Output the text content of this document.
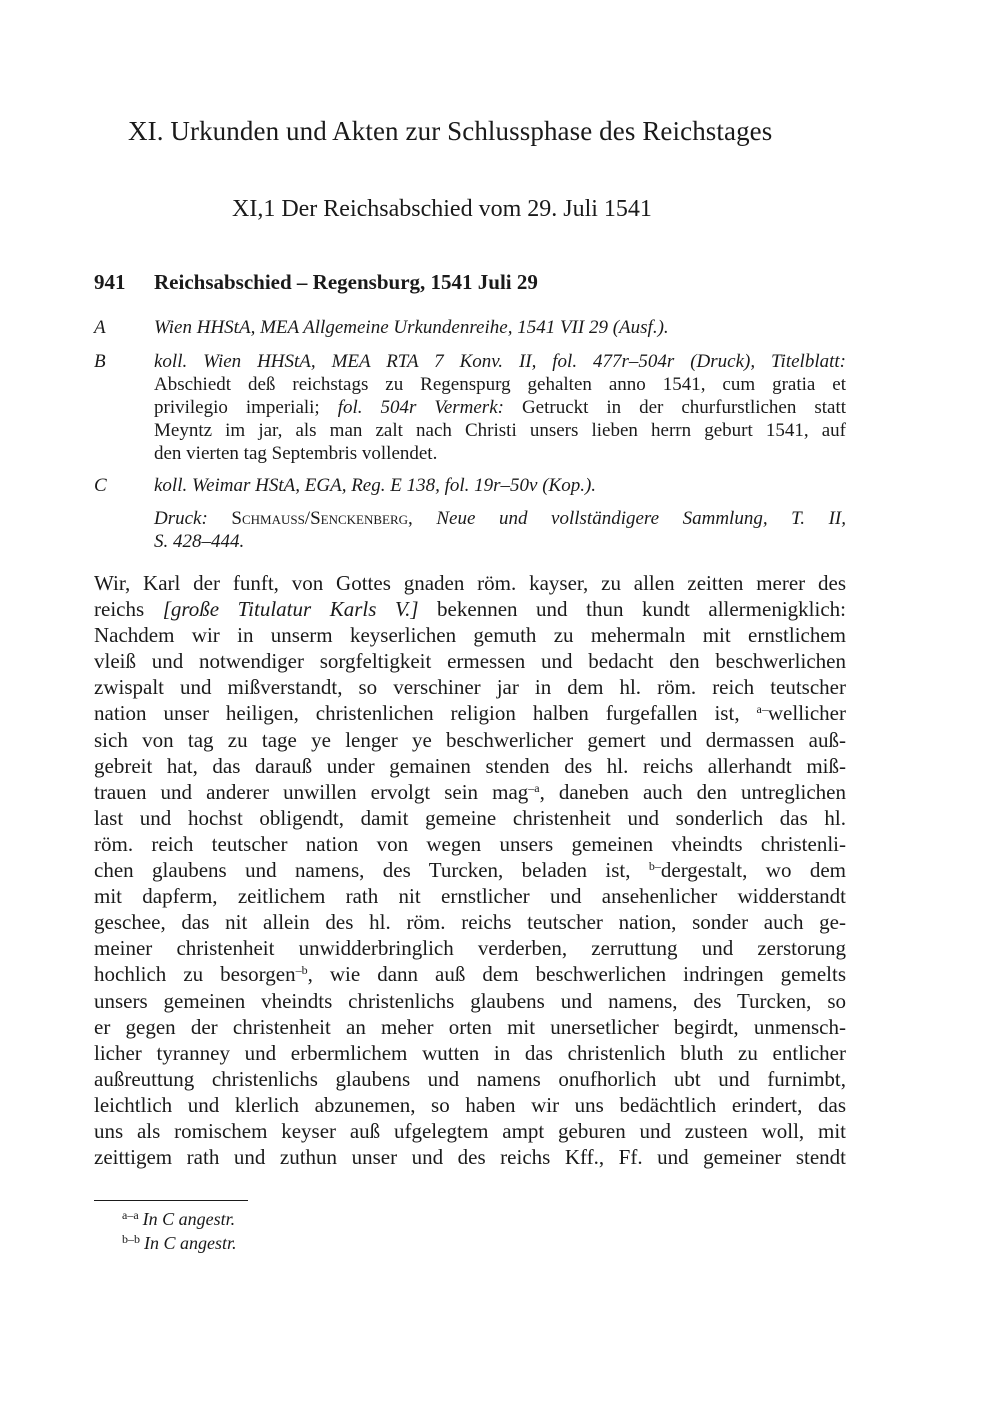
XI. Urkunden und Akten zur Schlussphase des Reichstages
XI,1 Der Reichsabschied vom 29. Juli 1541
941 Reichsabschied – Regensburg, 1541 Juli 29
A	Wien HHStA, MEA Allgemeine Urkundenreihe, 1541 VII 29 (Ausf.).
B	koll. Wien HHStA, MEA RTA 7 Konv. II, fol. 477r–504r (Druck), Titelblatt:
Abschiedt deß reichstags zu Regenspurg gehalten anno 1541, cum gratia et
privilegio imperiali; fol. 504r Vermerk: Getruckt in der churfurstlichen statt
Meyntz im jar, als man zalt nach Christi unsers lieben herrn geburt 1541, auf
den vierten tag Septembris vollendet.
C koll. Weimar HStA, EGA, Reg. E 138, fol. 19r–50v (Kop.).
Druck: Schmauss/Senckenberg, Neue und vollständigere Sammlung, T. II,
S. 428–444.
Wir, Karl der funft, von Gottes gnaden röm. kayser, zu allen zeitten merer des
reichs [große Titulatur Karls V.] bekennen und thun kundt allermenigklich:
Nachdem wir in unserm keyserlichen gemuth zu mehermaln mit ernstlichem
vleiß und notwendiger sorgfeltigkeit ermessen und bedacht den beschwerlichen
zwispalt und mißverstandt, so verschiner jar in dem hl. röm. reich teutscher
nation unser heiligen, christenlichen religion halben furgefallen ist, $^{a-}$wellicher
sich von tag zu tage ye lenger ye beschwerlicher gemert und dermassen auß-
gebreit hat, das darauß under gemainen stenden des hl. reichs allerhandt miß-
trauen und anderer unwillen ervolgt sein mag$^{-a}$, daneben auch den untreglichen
last und hochst obligendt, damit gemeine christenheit und sonderlich das hl.
röm. reich teutscher nation von wegen unsers gemeinen vheindts christenli-
chen glaubens und namens, des Turcken, beladen ist, $^{b-}$dergestalt, wo dem
mit dapferm, zeitlichem rath nit ernstlicher und ansehenlicher widderstandt
geschee, das nit allein des hl. röm. reichs teutscher nation, sonder auch ge-
meiner christenheit unwidderbringlich verderben, zerruttung und zerstorung
hochlich zu besorgen$^{-b}$, wie dann auß dem beschwerlichen indringen gemelts
unsers gemeinen vheindts christenlichs glaubens und namens, des Turcken, so
er gegen der christenheit an meher orten mit unersetlicher begirdt, unmensch-
licher tyranney und erbermlichem wutten in das christenlich bluth zu entlicher
außreuttung christenlichs glaubens und namens onufhorlich ubt und furnimbt,
leichtlich und klerlich abzunemen, so haben wir uns bedächtlich erindert, das
uns als romischem keyser auß ufgelegtem ampt geburen und zusteen woll, mit
zeittigem rath und zuthun unser und des reichs Kff., Ff. und gemeiner stendt
$^{a-a}$ In C angestr.
$^{b-b}$ In C angestr.
